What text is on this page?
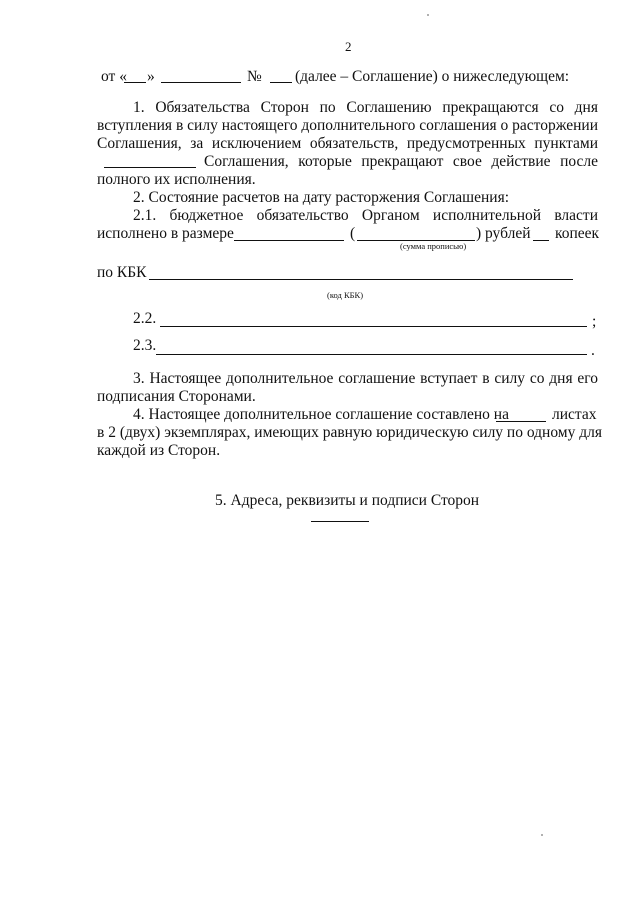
2
от « »	№ (далее – Соглашение) о нижеследующем:
1. Обязательства Сторон по Соглашению прекращаются со дня
вступления в силу настоящего дополнительного соглашения о расторжении
Соглашения, за исключением обязательств, предусмотренных пунктами
Соглашения, которые прекращают свое действие после
полного их исполнения.
2. Состояние расчетов на дату расторжения Соглашения:
2.1. бюджетное обязательство Органом исполнительной власти
исполнено в размере	(	) рублей копеек
(сумма прописью)
по КБК
(код КБК)
2.2.	;
2.3.	.
3. Настоящее дополнительное соглашение вступает в силу со дня его
подписания Сторонами.
4. Настоящее дополнительное соглашение составлено на	листах
в 2 (двух) экземплярах, имеющих равную юридическую силу по одному для
каждой из Сторон.
5. Адреса, реквизиты и подписи Сторон
